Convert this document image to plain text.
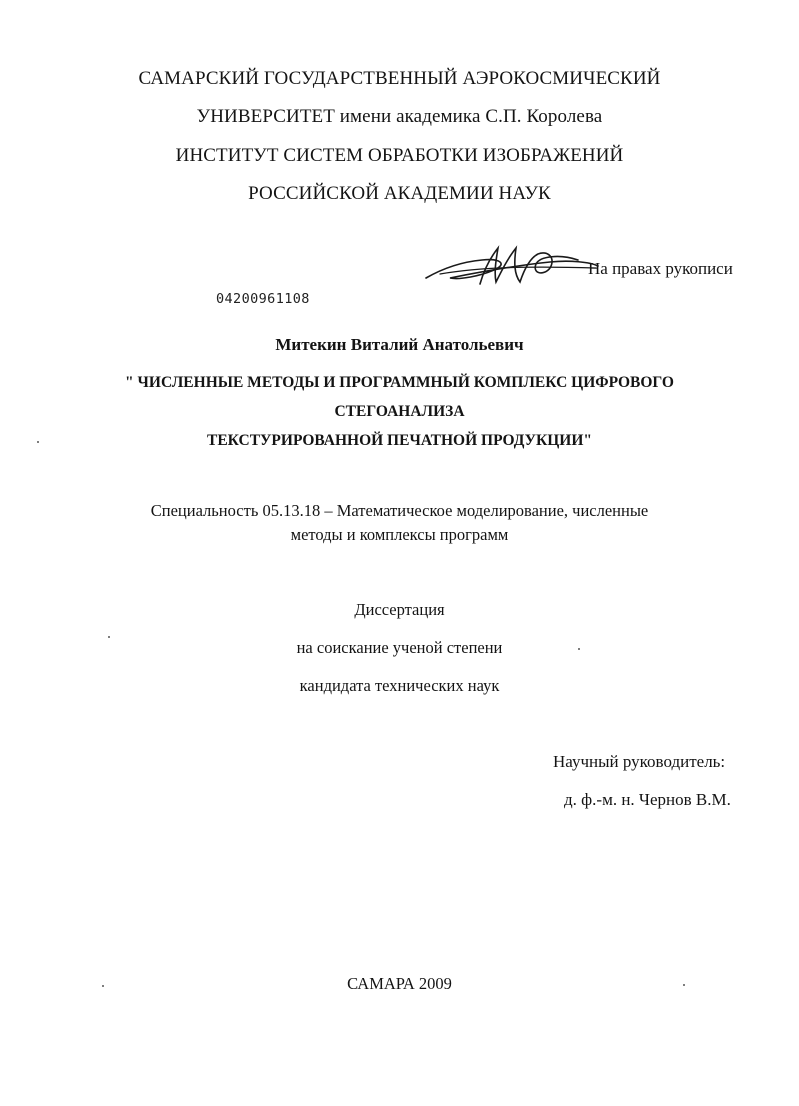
САМАРСКИЙ ГОСУДАРСТВЕННЫЙ АЭРОКОСМИЧЕСКИЙ
УНИВЕРСИТЕТ имени академика С.П. Королева
ИНСТИТУТ СИСТЕМ ОБРАБОТКИ ИЗОБРАЖЕНИЙ
РОССИЙСКОЙ АКАДЕМИИ НАУК
На правах рукописи
04200961108
Митекин Виталий Анатольевич
" ЧИСЛЕННЫЕ МЕТОДЫ И ПРОГРАММНЫЙ КОМПЛЕКС ЦИФРОВОГО
СТЕГОАНАЛИЗА
ТЕКСТУРИРОВАННОЙ ПЕЧАТНОЙ ПРОДУКЦИИ"
Специальность 05.13.18 – Математическое моделирование, численные
методы и комплексы программ
Диссертация
на соискание ученой степени
кандидата технических наук
Научный руководитель:
д. ф.-м. н. Чернов В.М.
САМАРА 2009
